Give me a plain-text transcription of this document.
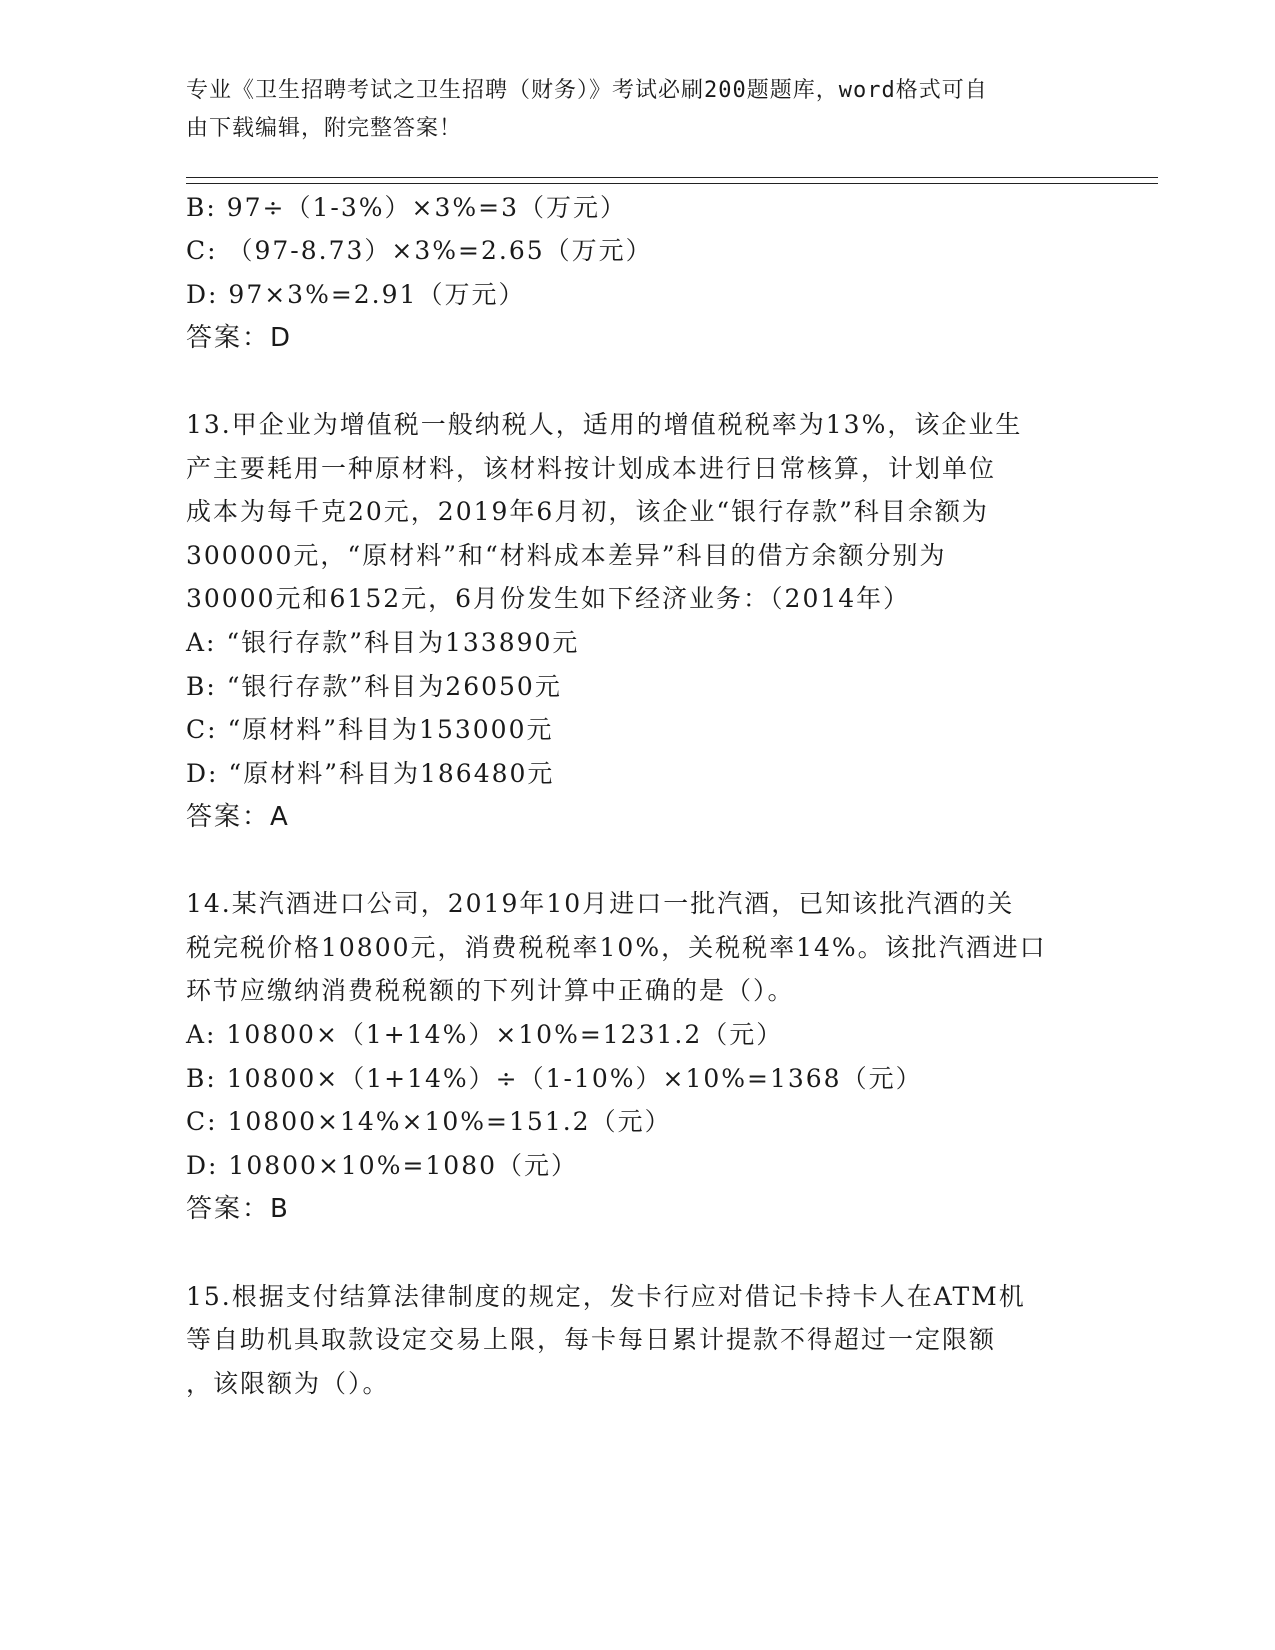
专业《卫生招聘考试之卫生招聘（财务）》考试必刷200题题库，word格式可自
由下载编辑，附完整答案！
B: 97÷（1-3%）×3%=3（万元）
C: （97-8.73）×3%=2.65（万元）
D: 97×3%=2.91（万元）
答案：D
13.甲企业为增值税一般纳税人，适用的增值税税率为13%，该企业生
产主要耗用一种原材料，该材料按计划成本进行日常核算，计划单位
成本为每千克20元，2019年6月初，该企业“银行存款”科目余额为
300000元，“原材料”和“材料成本差异”科目的借方余额分别为
30000元和6152元，6月份发生如下经济业务：（2014年）
A: “银行存款”科目为133890元
B: “银行存款”科目为26050元
C: “原材料”科目为153000元
D: “原材料”科目为186480元
答案：A
14.某汽酒进口公司，2019年10月进口一批汽酒，已知该批汽酒的关
税完税价格10800元，消费税税率10%，关税税率14%。该批汽酒进口
环节应缴纳消费税税额的下列计算中正确的是（）。
A: 10800×（1+14%）×10%=1231.2（元）
B: 10800×（1+14%）÷（1-10%）×10%=1368（元）
C: 10800×14%×10%=151.2（元）
D: 10800×10%=1080（元）
答案：B
15.根据支付结算法律制度的规定，发卡行应对借记卡持卡人在ATM机
等自助机具取款设定交易上限，每卡每日累计提款不得超过一定限额
，该限额为（）。
